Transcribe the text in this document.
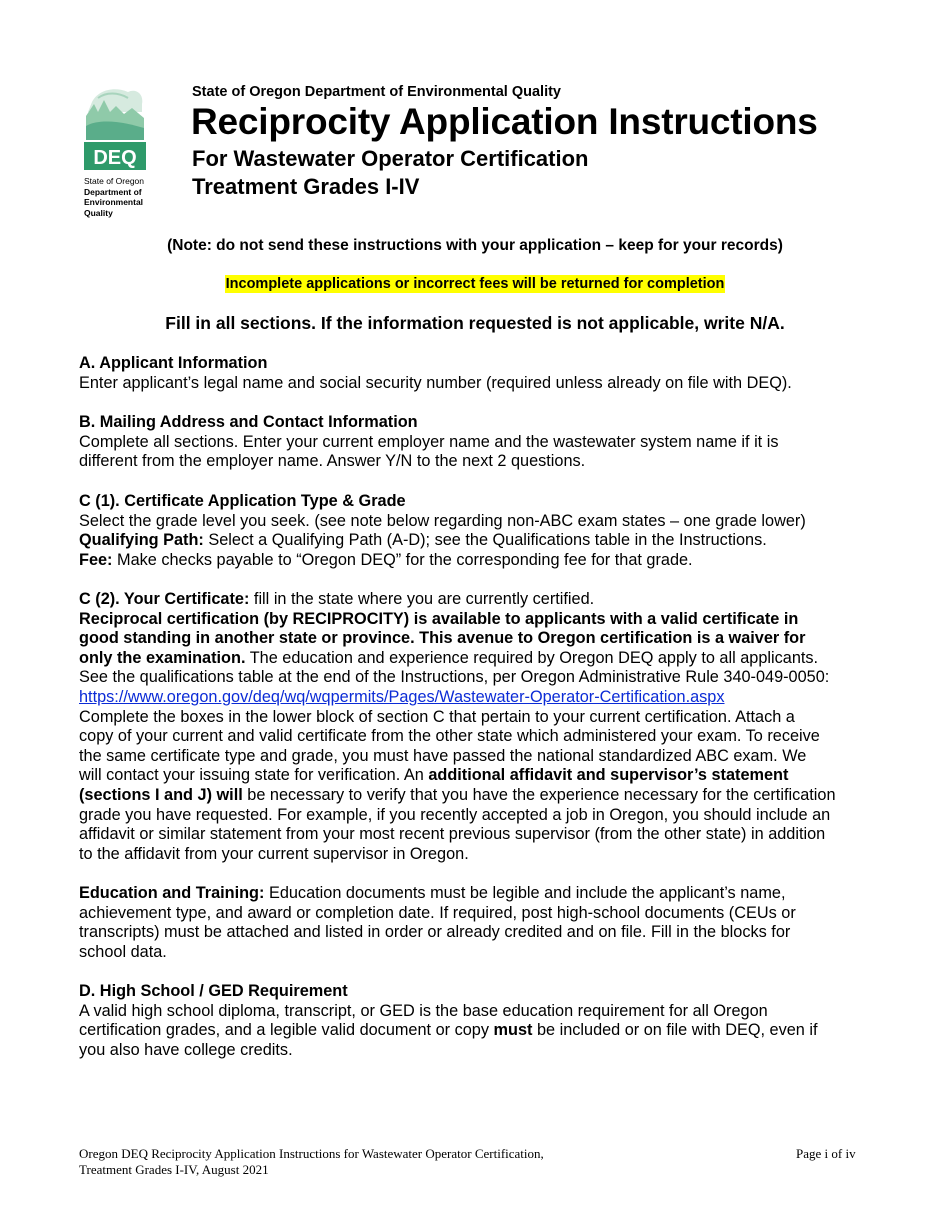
DEQ
State of Oregon
Department of
Environmental
Quality
State of Oregon Department of Environmental Quality
Reciprocity Application Instructions
For Wastewater Operator Certification
Treatment Grades I-IV
(Note: do not send these instructions with your application – keep for your records)
Incomplete applications or incorrect fees will be returned for completion
Fill in all sections. If the information requested is not applicable, write N/A.

A. Applicant Information

Enter applicant’s legal name and social security number (required unless already on file with DEQ).

B. Mailing Address and Contact Information

Complete all sections. Enter your current employer name and the wastewater system name if it is

different from the employer name. Answer Y/N to the next 2 questions.

C (1). Certificate Application Type & Grade

Select the grade level you seek. (see note below regarding non-ABC exam states – one grade lower)

Qualifying Path: Select a Qualifying Path (A-D); see the Qualifications table in the Instructions.

Fee: Make checks payable to “Oregon DEQ” for the corresponding fee for that grade.

C (2). Your Certificate: fill in the state where you are currently certified.

Reciprocal certification (by RECIPROCITY) is available to applicants with a valid certificate in

good standing in another state or province. This avenue to Oregon certification is a waiver for

only the examination. The education and experience required by Oregon DEQ apply to all applicants.

See the qualifications table at the end of the Instructions, per Oregon Administrative Rule 340-049-0050:

https://www.oregon.gov/deq/wq/wqpermits/Pages/Wastewater-Operator-Certification.aspx

Complete the boxes in the lower block of section C that pertain to your current certification. Attach a

copy of your current and valid certificate from the other state which administered your exam. To receive

the same certificate type and grade, you must have passed the national standardized ABC exam. We

will contact your issuing state for verification. An additional affidavit and supervisor’s statement

(sections I and J) will be necessary to verify that you have the experience necessary for the certification

grade you have requested. For example, if you recently accepted a job in Oregon, you should include an

affidavit or similar statement from your most recent previous supervisor (from the other state) in addition

to the affidavit from your current supervisor in Oregon.

Education and Training: Education documents must be legible and include the applicant’s name,

achievement type, and award or completion date. If required, post high-school documents (CEUs or

transcripts) must be attached and listed in order or already credited and on file. Fill in the blocks for

school data.

D. High School / GED Requirement

A valid high school diploma, transcript, or GED is the base education requirement for all Oregon

certification grades, and a legible valid document or copy must be included or on file with DEQ, even if

you also have college credits.

Oregon DEQ Reciprocity Application Instructions for Wastewater Operator Certification,
Treatment Grades I-IV, August 2021
Page i of iv
